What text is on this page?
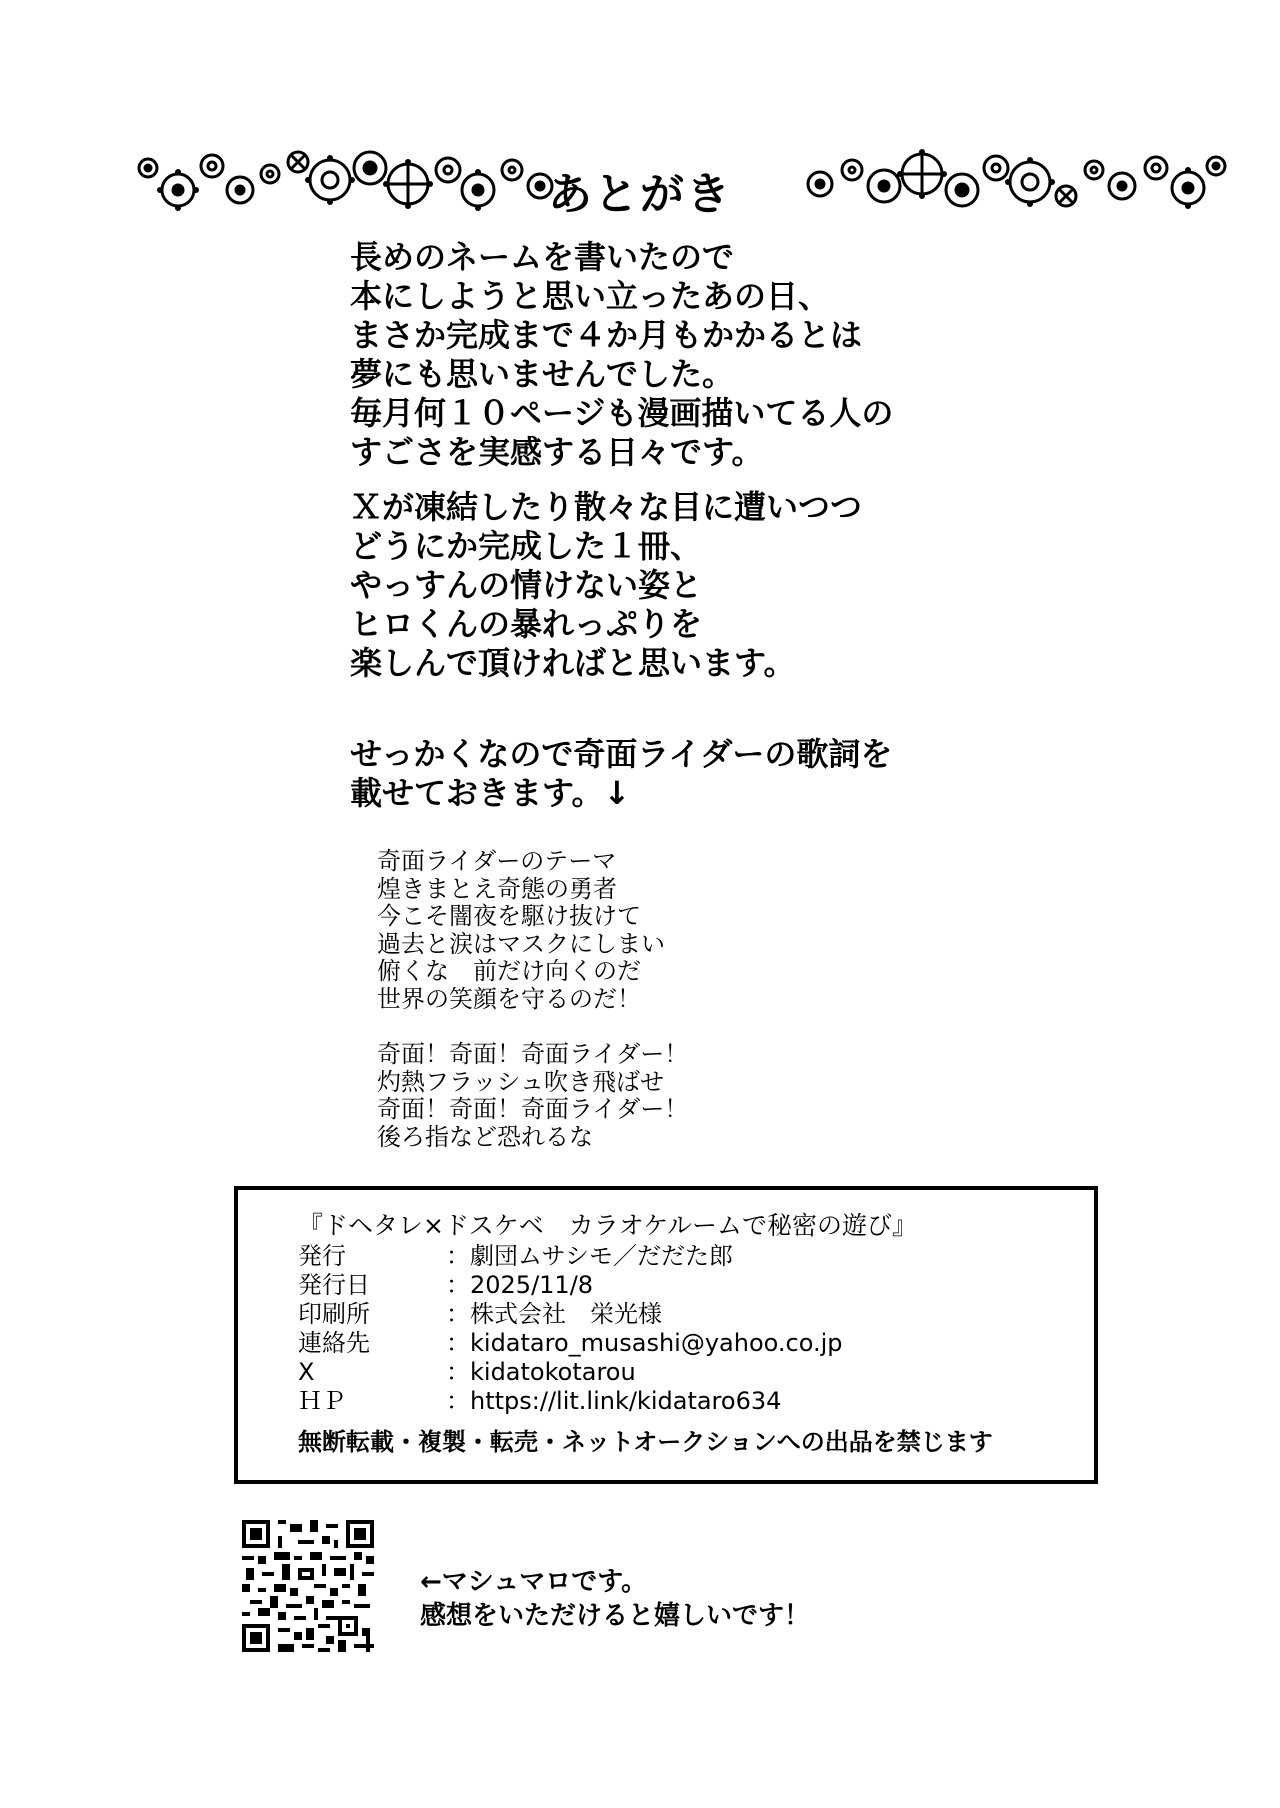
あとがき
長めのネームを書いたので
本にしようと思い立ったあの日、
まさか完成まで４か月もかかるとは
夢にも思いませんでした。
毎月何１０ページも漫画描いてる人の
すごさを実感する日々です。
Ｘが凍結したり散々な目に遭いつつ
どうにか完成した１冊、
やっすんの情けない姿と
ヒロくんの暴れっぷりを
楽しんで頂ければと思います。
せっかくなので奇面ライダーの歌詞を
載せておきます。↓
奇面ライダーのテーマ
煌きまとえ奇態の勇者
今こそ闇夜を駆け抜けて
過去と涙はマスクにしまい
俯くな　前だけ向くのだ
世界の笑顔を守るのだ！
奇面！奇面！奇面ライダー！
灼熱フラッシュ吹き飛ばせ
奇面！奇面！奇面ライダー！
後ろ指など恐れるな
『ドヘタレ×ドスケベ　カラオケルームで秘密の遊び』
発行	：劇団ムサシモ／だだた郎
発行日	：2025/11/8
印刷所	：株式会社　栄光様
連絡先	：kidataro_musashi@yahoo.co.jp
X	：kidatokotarou
ＨＰ	：https://lit.link/kidataro634
無断転載・複製・転売・ネットオークションへの出品を禁じます
←マシュマロです。
感想をいただけると嬉しいです！
